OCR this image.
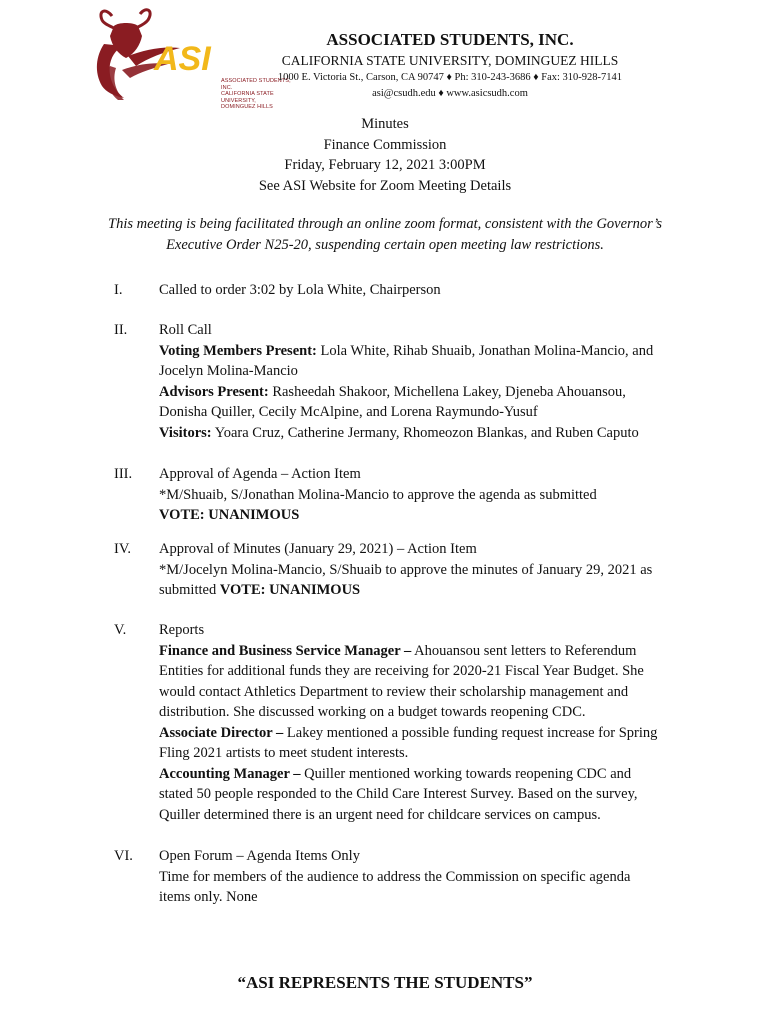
ASI
ASSOCIATED STUDENTS, INC.
CALIFORNIA STATE UNIVERSITY,
DOMINGUEZ HILLS
ASSOCIATED STUDENTS, INC.
CALIFORNIA STATE UNIVERSITY, DOMINGUEZ HILLS
1000 E. Victoria St., Carson, CA 90747 ♦ Ph: 310-243-3686 ♦ Fax: 310-928-7141
asi@csudh.edu ♦ www.asicsudh.com
Minutes
Finance Commission
Friday, February 12, 2021 3:00PM
See ASI Website for Zoom Meeting Details
This meeting is being facilitated through an online zoom format, consistent with the Governor’s
Executive Order N25-20, suspending certain open meeting law restrictions.
I.	Called to order 3:02 by Lola White, Chairperson
II. Roll Call
Voting Members Present: Lola White, Rihab Shuaib, Jonathan Molina-Mancio, and
Jocelyn Molina-Mancio
Advisors Present: Rasheedah Shakoor, Michellena Lakey, Djeneba Ahouansou,
Donisha Quiller, Cecily McAlpine, and Lorena Raymundo-Yusuf
Visitors: Yoara Cruz, Catherine Jermany, Rhomeozon Blankas, and Ruben Caputo
III. Approval of Agenda – Action Item
*M/Shuaib, S/Jonathan Molina-Mancio to approve the agenda as submitted
VOTE: UNANIMOUS
IV. Approval of Minutes (January 29, 2021) – Action Item
*M/Jocelyn Molina-Mancio, S/Shuaib to approve the minutes of January 29, 2021 as
submitted VOTE: UNANIMOUS
V. Reports
Finance and Business Service Manager – Ahouansou sent letters to Referendum
Entities for additional funds they are receiving for 2020-21 Fiscal Year Budget. She
would contact Athletics Department to review their scholarship management and
distribution. She discussed working on a budget towards reopening CDC.
Associate Director – Lakey mentioned a possible funding request increase for Spring
Fling 2021 artists to meet student interests.
Accounting Manager – Quiller mentioned working towards reopening CDC and
stated 50 people responded to the Child Care Interest Survey. Based on the survey,
Quiller determined there is an urgent need for childcare services on campus.
VI. Open Forum – Agenda Items Only
Time for members of the audience to address the Commission on specific agenda
items only. None
“ASI REPRESENTS THE STUDENTS”
